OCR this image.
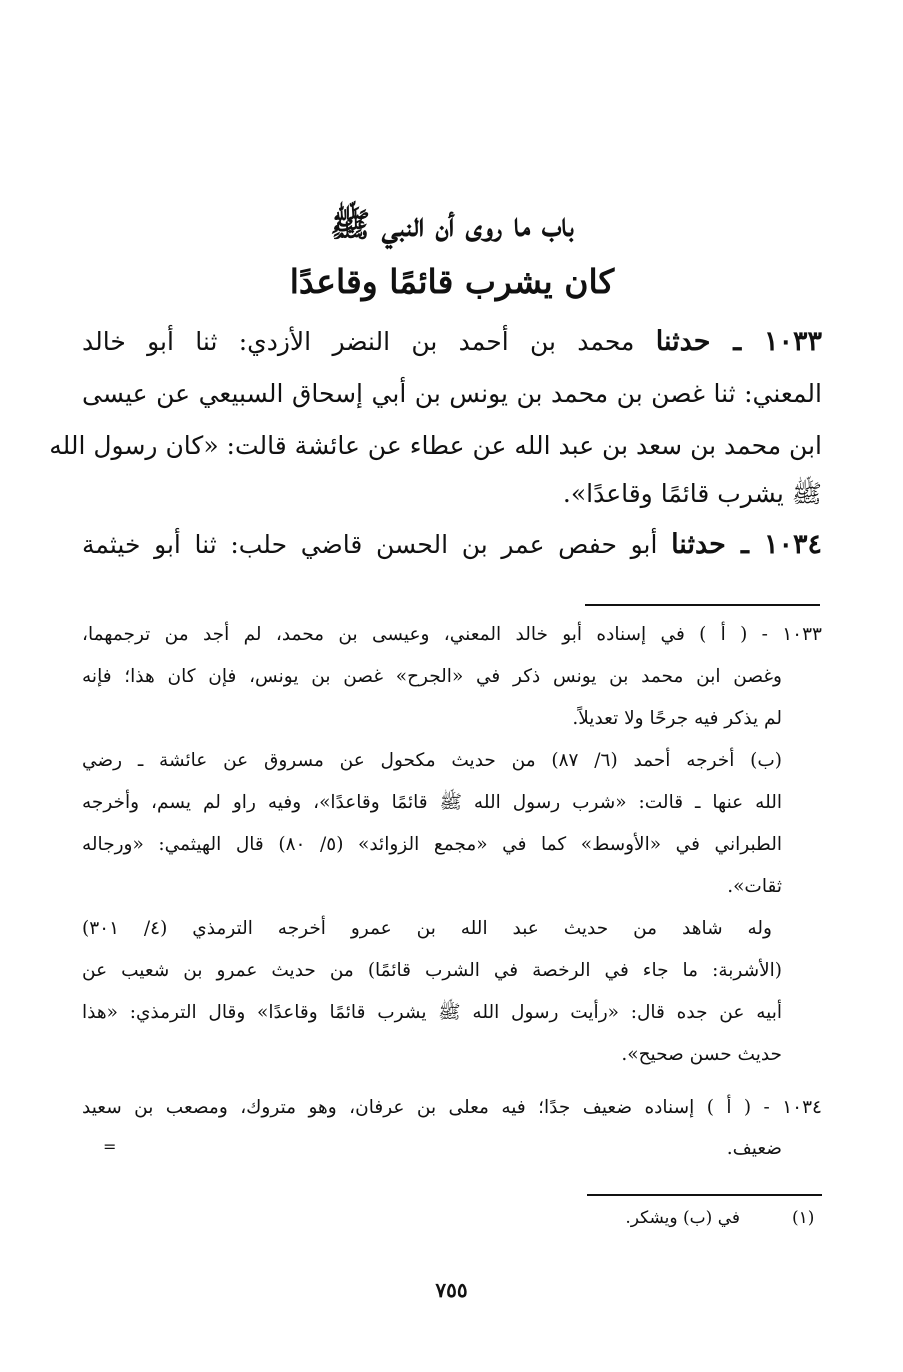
باب ما روى أن النبي ﷺ
كان يشرب قائمًا وقاعدًا
١٠٣٣ ـ حدثنا محمد بن أحمد بن النضر الأزدي: ثنا أبو خالد
المعني: ثنا غصن بن محمد بن يونس بن أبي إسحاق السبيعي عن عيسى
ابن محمد بن سعد بن عبد الله عن عطاء عن عائشة قالت: «كان رسول الله
ﷺ يشرب قائمًا وقاعدًا».
١٠٣٤ ـ حدثنا أبو حفص عمر بن الحسن قاضي حلب: ثنا أبو خيثمة
١٠٣٣ - ( أ ) في إسناده أبو خالد المعني، وعيسى بن محمد، لم أجد من ترجمهما،
وغصن ابن محمد بن يونس ذكر في «الجرح» غصن بن يونس، فإن كان هذا؛ فإنه
لم يذكر فيه جرحًا ولا تعديلاً.
(ب) أخرجه أحمد (٦/ ٨٧) من حديث مكحول عن مسروق عن عائشة ـ رضي
الله عنها ـ قالت: «شرب رسول الله ﷺ قائمًا وقاعدًا»، وفيه راو لم يسم، وأخرجه
الطبراني في «الأوسط» كما في «مجمع الزوائد» (٥/ ٨٠) قال الهيثمي: «ورجاله
ثقات».
وله شاهد من حديث عبد الله بن عمرو أخرجه الترمذي (٤/ ٣٠١)
(الأشربة: ما جاء في الرخصة في الشرب قائمًا) من حديث عمرو بن شعيب عن
أبيه عن جده قال: «رأيت رسول الله ﷺ يشرب قائمًا وقاعدًا» وقال الترمذي: «هذا
حديث حسن صحيح».
١٠٣٤ - ( أ ) إسناده ضعيف جدًا؛ فيه معلى بن عرفان، وهو متروك، ومصعب بن سعيد
ضعيف.
=
(١)
في (ب) ويشكر.
٧٥٥
